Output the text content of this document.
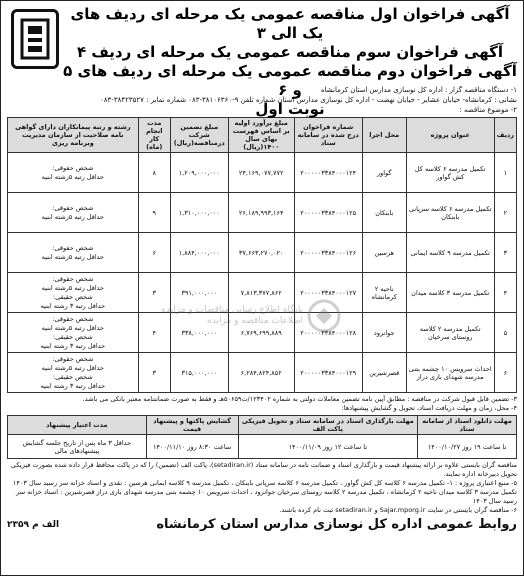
آگهی فراخوان اول مناقصه عمومی یک مرحله ای ردیف های یک الی ۳
آگهی فراخوان سوم مناقصه عمومی یک مرحله ای ردیف ۴
آگهی فراخوان دوم مناقصه عمومی یک مرحله ای ردیف های ۵ و ۶
نوبت اول
۱- دستگاه مناقصه گزار : اداره کل نوسازی مدارس استان کرمانشاه
نشانی : کرمانشاه- خیابان عشایر - خیابان نهضت - اداره کل نوسازی مدارس استان شماره تلفن ۹-۳۸۱۰۶۳۶۰-۰۸۳ شماره نمابر : ۳۸۴۲۳۵۲۷-۰۸۳
۲- موضوع مناقصه :
ردیف	عنوان پروژه	محل اجرا	شماره فراخوان درج شده در سامانه ستاد	مبلغ برآورد اولیه بر اساس فهرست بهای سال ۱۴۰۰(ریال)	مبلغ تضمین شرکت درمناقصه(ریال)	مدت انجام کار (ماه)	رشته و رتبه پیمانکاران دارای گواهی نامه صلاحیت از سازمان مدیریت وبرنامه ریزی
۱	تکمیل مدرسه ۶ کلاسه کل کش گواور	گواور	۲۰۰۰۰۰۳۳۸۴۰۰۰۱۲۴	۲۴,۱۶۹,۰۷۷,۷۷۲	۱,۲۰۹,۰۰۰,۰۰۰	۸	شخص حقوقی:
حداقل رتبه ۵رشته ابنیه

۲	تکمیل مدرسه ۶ کلاسه سرپانی بابنکان	بابنکان	۲۰۰۰۰۰۳۳۸۴۰۰۰۱۲۵	۲۶,۱۸۹,۹۹۳,۱۶۴	۱,۳۱۰,۰۰۰,۰۰۰	۹	شخص حقوقی:
حداقل رتبه ۵رشته ابنیه

۳	تکمیل مدرسه ۹ کلاسه ایمانی	هرسین	۲۰۰۰۰۰۳۳۸۴۰۰۰۱۲۶	۳۷,۶۶۳,۲۷۰,۰۲۰	۱,۸۸۴,۰۰۰,۰۰۰	۶	شخص حقوقی:
حداقل رتبه ۵رشته ابنیه

۴	تکمیل مدرسه ۳ کلاسه میدان	ناحیه ۲ کرمانشاه	۲۰۰۰۰۰۳۳۸۴۰۰۰۱۲۷	۷,۸۱۳,۳۷۷,۸۶۲	۳۹۱,۰۰۰,۰۰۰	۳	شخص حقوقی:
حداقل رتبه ۵رشته ابنیه
شخص حقیقی:
حداقل رتبه ۳ رشته ابنیه

۵	تکمیل مدرسه ۲ کلاسه روستای سرخیان	جوانرود	۲۰۰۰۰۰۳۳۸۴۰۰۰۱۲۸	۶,۷۶۹,۶۹۹,۸۸۹	۳۳۸,۰۰۰,۰۰۰	۴	شخص حقوقی:
حداقل رتبه ۵رشته ابنیه
شخص حقیقی:
حداقل رتبه ۳ رشته ابنیه

۶	احداث سرویس ۱۰ چشمه بتنی مدرسه شهدای بازی دراز	قصرشیرین	۲۰۰۰۰۰۳۳۸۴۰۰۰۱۲۹	۶,۲۸۴,۸۲۴,۸۵۲	۳۱۵,۰۰۰,۰۰۰	۳	شخص حقوقی:
حداقل رتبه ۵رشته ابنیه
شخص حقیقی:
حداقل رتبه ۳ رشته ابنیه
۳- تضمین قابل قبول شرکت در مناقصه : مطابق آیین نامه تضمین معاملات دولتی به شماره ۱۲۳۴۰۲/ت۵۰۶۵۹هـ و فقط به صورت ضمانتنامه معتبر بانکی می باشد.
۴- محل، زمان و مهلت دریافت اسناد، تحویل و گشایش پیشنهادها:
مهلت دانلود اسناد از سامانه ستاد	مهلت بارگذاری اسناد در سامانه ستاد و تحویل فیزیکی پاکت الف	گشایش پاکتها و پیشنهاد قیمت	مدت اعتبار پیشنهاد
تا ساعت ۱۹ روز ۱۴۰۰/۱۰/۲۷	تا ساعت ۱۲ روز ۱۴۰۰/۱۱/۰۹	ساعت ۸:۳۰ روز ۱۴۰۰/۱۱/۱۰	حداقل ۳ ماه پس از تاریخ جلسه گشایش پیشنهادهای مالی
مناقصه گران بایستی علاوه بر ارائه پیشنهاد قیمت و بارگذاری اسناد و ضمانت نامه در سامانه ستاد (setadiran.ir)، پاکت الف (تضمین) را که در پاکت محافظ قرار داده شده بصورت فیزیکی تحویل دبیرخانه اداره نمایند.
۵- منبع اعتباری پروژه : ۱- تکمیل مدرسه ۶ کلاسه کل کش گواور ، تکمیل مدرسه ۶ کلاسه سرپانی بابنکان ، تکمیل مدرسه ۹ کلاسه ایمانی هرسین : نقدی و اسناد خزانه سر رسید سال ۱۴۰۳
تکمیل مدرسه ۳ کلاسه میدان ناحیه ۲ کرمانشاه ، تکمیل مدرسه ۲ کلاسه روستای سرخیان جوانرود ، احداث سرویس ۱۰ چشمه بتنی مدرسه شهدای بازی دراز قصرشیرین : اسناد خزانه سر رسید سال ۱۴۰۳
۶- مناقصه گران بایستی در سایت Sajar.mporg.ir و setadiran.ir ثبت نام کرده باشند.
روابط عمومی اداره کل نوسازی مدارس استان کرمانشاه
الف م ۲۳۵۹
پایگاه اطلاع رسانی مناقصات و مزایده
اطلاعات مناقصه و مزایده
